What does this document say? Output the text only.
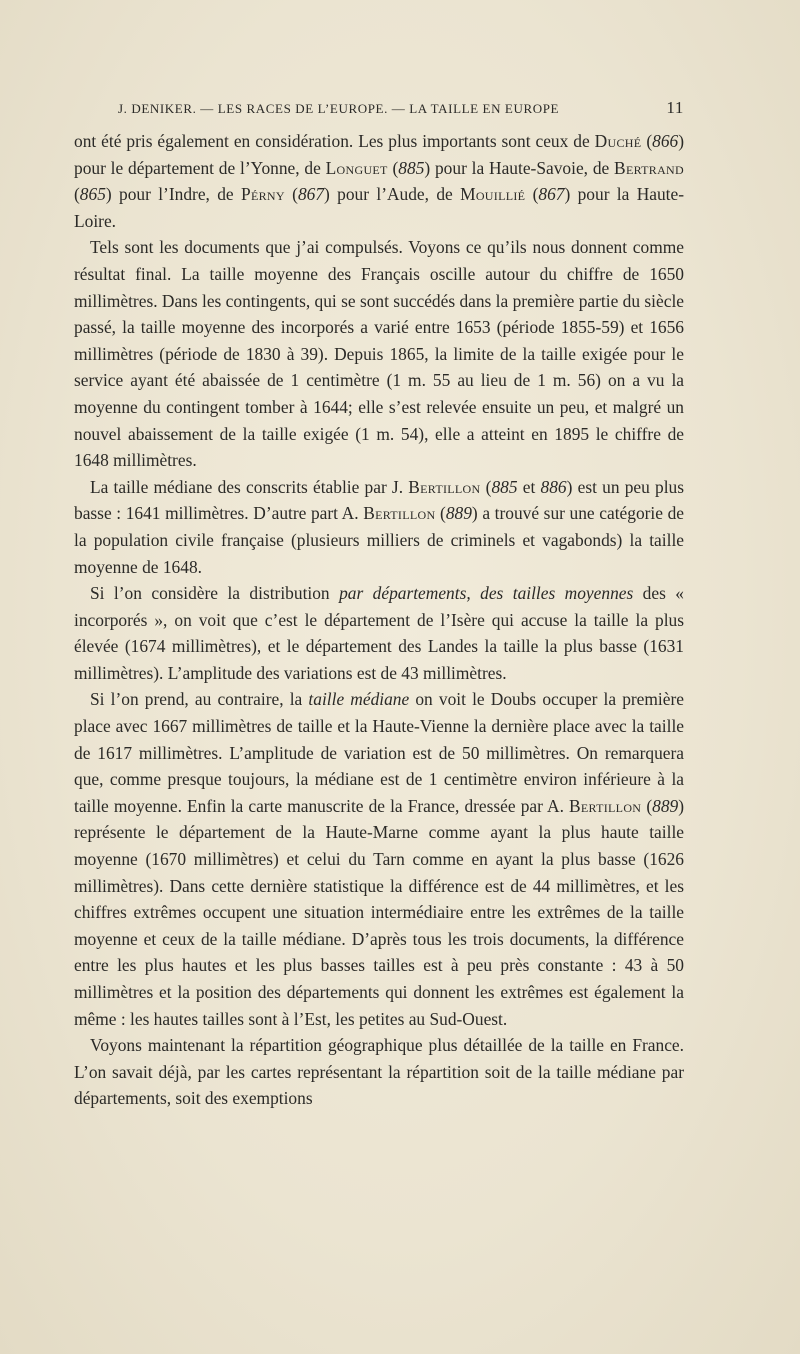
J. DENIKER. — LES RACES DE L’EUROPE. — LA TAILLE EN EUROPE	11

ont été pris également en considération. Les plus importants sont ceux de Duché (866) pour le département de l’Yonne, de Longuet (885) pour la Haute-Savoie, de Bertrand (865) pour l’Indre, de Pérny (867) pour l’Aude, de Mouillié (867) pour la Haute-Loire.

Tels sont les documents que j’ai compulsés. Voyons ce qu’ils nous donnent comme résultat final. La taille moyenne des Français oscille autour du chiffre de 1650 millimètres. Dans les contingents, qui se sont succédés dans la première partie du siècle passé, la taille moyenne des incorporés a varié entre 1653 (période 1855-59) et 1656 millimètres (période de 1830 à 39). Depuis 1865, la limite de la taille exigée pour le service ayant été abaissée de 1 centimètre (1 m. 55 au lieu de 1 m. 56) on a vu la moyenne du contingent tomber à 1644; elle s’est relevée ensuite un peu, et malgré un nouvel abaissement de la taille exigée (1 m. 54), elle a atteint en 1895 le chiffre de 1648 millimètres.

La taille médiane des conscrits établie par J. Bertillon (885 et 886) est un peu plus basse : 1641 millimètres. D’autre part A. Bertillon (889) a trouvé sur une catégorie de la population civile française (plusieurs milliers de criminels et vagabonds) la taille moyenne de 1648.

Si l’on considère la distribution par départements, des tailles moyennes des « incorporés », on voit que c’est le département de l’Isère qui accuse la taille la plus élevée (1674 millimètres), et le département des Landes la taille la plus basse (1631 millimètres). L’amplitude des variations est de 43 millimètres.

Si l’on prend, au contraire, la taille médiane on voit le Doubs occuper la première place avec 1667 millimètres de taille et la Haute-Vienne la dernière place avec la taille de 1617 millimètres. L’amplitude de variation est de 50 millimètres. On remarquera que, comme presque toujours, la médiane est de 1 centimètre environ inférieure à la taille moyenne. Enfin la carte manuscrite de la France, dressée par A. Bertillon (889) représente le département de la Haute-Marne comme ayant la plus haute taille moyenne (1670 millimètres) et celui du Tarn comme en ayant la plus basse (1626 millimètres). Dans cette dernière statistique la différence est de 44 millimètres, et les chiffres extrêmes occupent une situation intermédiaire entre les extrêmes de la taille moyenne et ceux de la taille médiane. D’après tous les trois documents, la différence entre les plus hautes et les plus basses tailles est à peu près constante : 43 à 50 millimètres et la position des départements qui donnent les extrêmes est également la même : les hautes tailles sont à l’Est, les petites au Sud-Ouest.

Voyons maintenant la répartition géographique plus détaillée de la taille en France. L’on savait déjà, par les cartes représentant la répartition soit de la taille médiane par départements, soit des exemptions
